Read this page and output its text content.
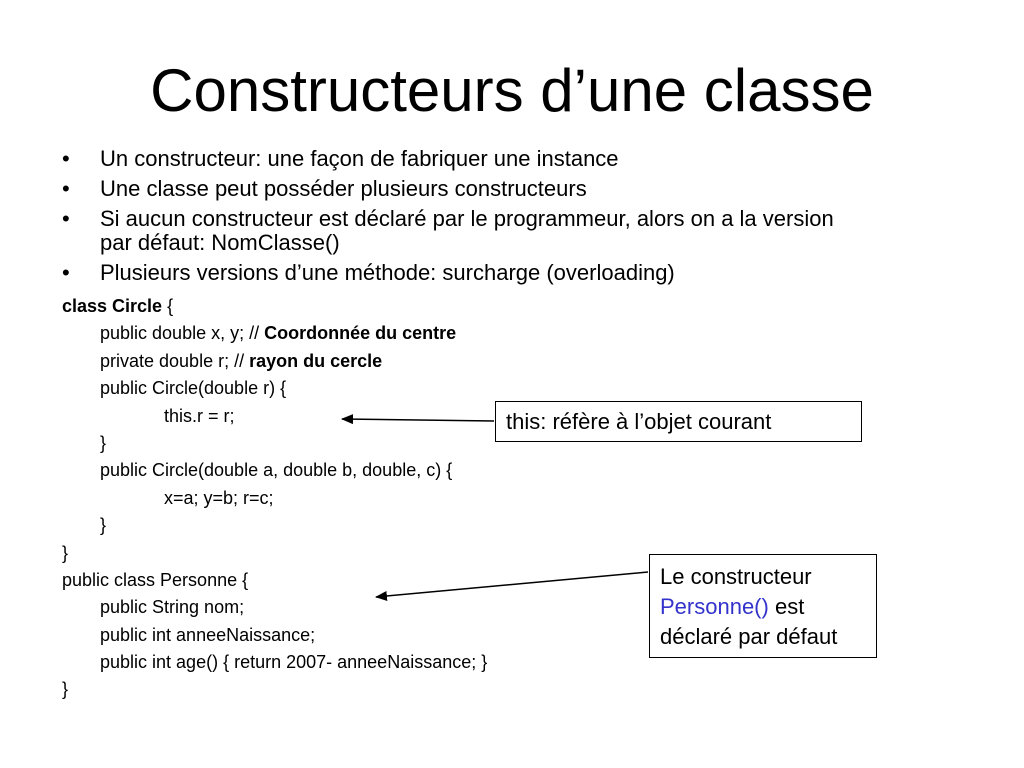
Constructeurs d’une classe
• Un constructeur: une façon de fabriquer une instance
• Une classe peut posséder plusieurs constructeurs
• Si aucun constructeur est déclaré par le programmeur, alors on a la version
par défaut: NomClasse()
• Plusieurs versions d’une méthode: surcharge (overloading)
class Circle {
public double x, y; // Coordonnée du centre
private double r; // rayon du cercle
public Circle(double r) {
this.r = r;
}
public Circle(double a, double b, double, c) {
x=a; y=b; r=c;
}
}
public class Personne {
public String nom;
public int anneeNaissance;
public int age() { return 2007- anneeNaissance; }
}
this: réfère à l’objet courant
Le constructeur
Personne() est
déclaré par défaut
